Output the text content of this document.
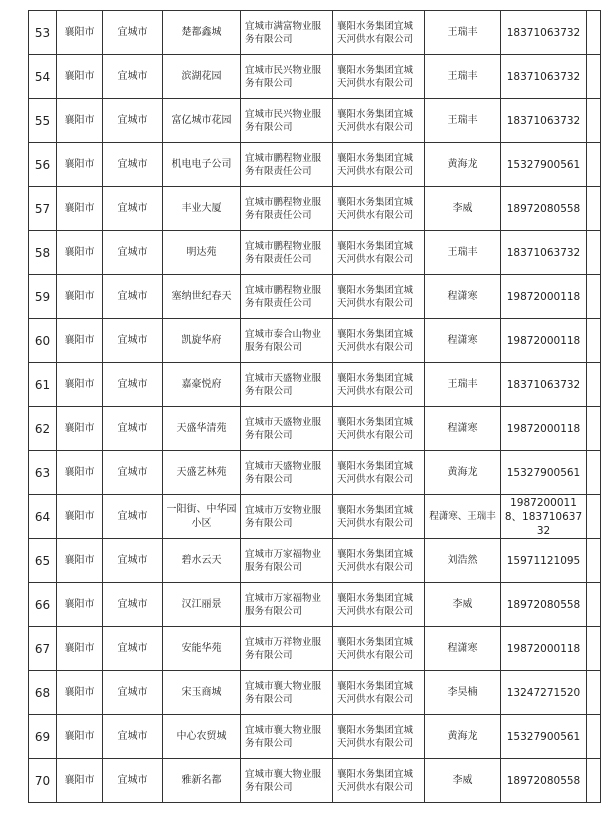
53	襄阳市	宜城市	楚都鑫城	宜城市满富物业服务有限公司	襄阳水务集团宜城天河供水有限公司	王瑞丰	18371063732	
54	襄阳市	宜城市	滨湖花园	宜城市民兴物业服务有限公司	襄阳水务集团宜城天河供水有限公司	王瑞丰	18371063732	
55	襄阳市	宜城市	富亿城市花园	宜城市民兴物业服务有限公司	襄阳水务集团宜城天河供水有限公司	王瑞丰	18371063732	
56	襄阳市	宜城市	机电电子公司	宜城市鹏程物业服务有限责任公司	襄阳水务集团宜城天河供水有限公司	黄海龙	15327900561	
57	襄阳市	宜城市	丰业大厦	宜城市鹏程物业服务有限责任公司	襄阳水务集团宜城天河供水有限公司	李威	18972080558	
58	襄阳市	宜城市	明达苑	宜城市鹏程物业服务有限责任公司	襄阳水务集团宜城天河供水有限公司	王瑞丰	18371063732	
59	襄阳市	宜城市	塞纳世纪春天	宜城市鹏程物业服务有限责任公司	襄阳水务集团宜城天河供水有限公司	程潇寒	19872000118	
60	襄阳市	宜城市	凯旋华府	宜城市泰合山物业服务有限公司	襄阳水务集团宜城天河供水有限公司	程潇寒	19872000118	
61	襄阳市	宜城市	嘉豪悦府	宜城市天盛物业服务有限公司	襄阳水务集团宜城天河供水有限公司	王瑞丰	18371063732	
62	襄阳市	宜城市	天盛华清苑	宜城市天盛物业服务有限公司	襄阳水务集团宜城天河供水有限公司	程潇寒	19872000118	
63	襄阳市	宜城市	天盛艺林苑	宜城市天盛物业服务有限公司	襄阳水务集团宜城天河供水有限公司	黄海龙	15327900561	
64	襄阳市	宜城市	一阳街、中华园小区	宜城市万安物业服务有限公司	襄阳水务集团宜城天河供水有限公司	程潇寒、王瑞丰	19872000118、18371063732	
65	襄阳市	宜城市	碧水云天	宜城市万家福物业服务有限公司	襄阳水务集团宜城天河供水有限公司	刘浩然	15971121095	
66	襄阳市	宜城市	汉江丽景	宜城市万家福物业服务有限公司	襄阳水务集团宜城天河供水有限公司	李威	18972080558	
67	襄阳市	宜城市	安能华苑	宜城市万祥物业服务有限公司	襄阳水务集团宜城天河供水有限公司	程潇寒	19872000118	
68	襄阳市	宜城市	宋玉商城	宜城市襄大物业服务有限公司	襄阳水务集团宜城天河供水有限公司	李昊楠	13247271520	
69	襄阳市	宜城市	中心农贸城	宜城市襄大物业服务有限公司	襄阳水务集团宜城天河供水有限公司	黄海龙	15327900561	
70	襄阳市	宜城市	雅新名都	宜城市襄大物业服务有限公司	襄阳水务集团宜城天河供水有限公司	李威	18972080558	
